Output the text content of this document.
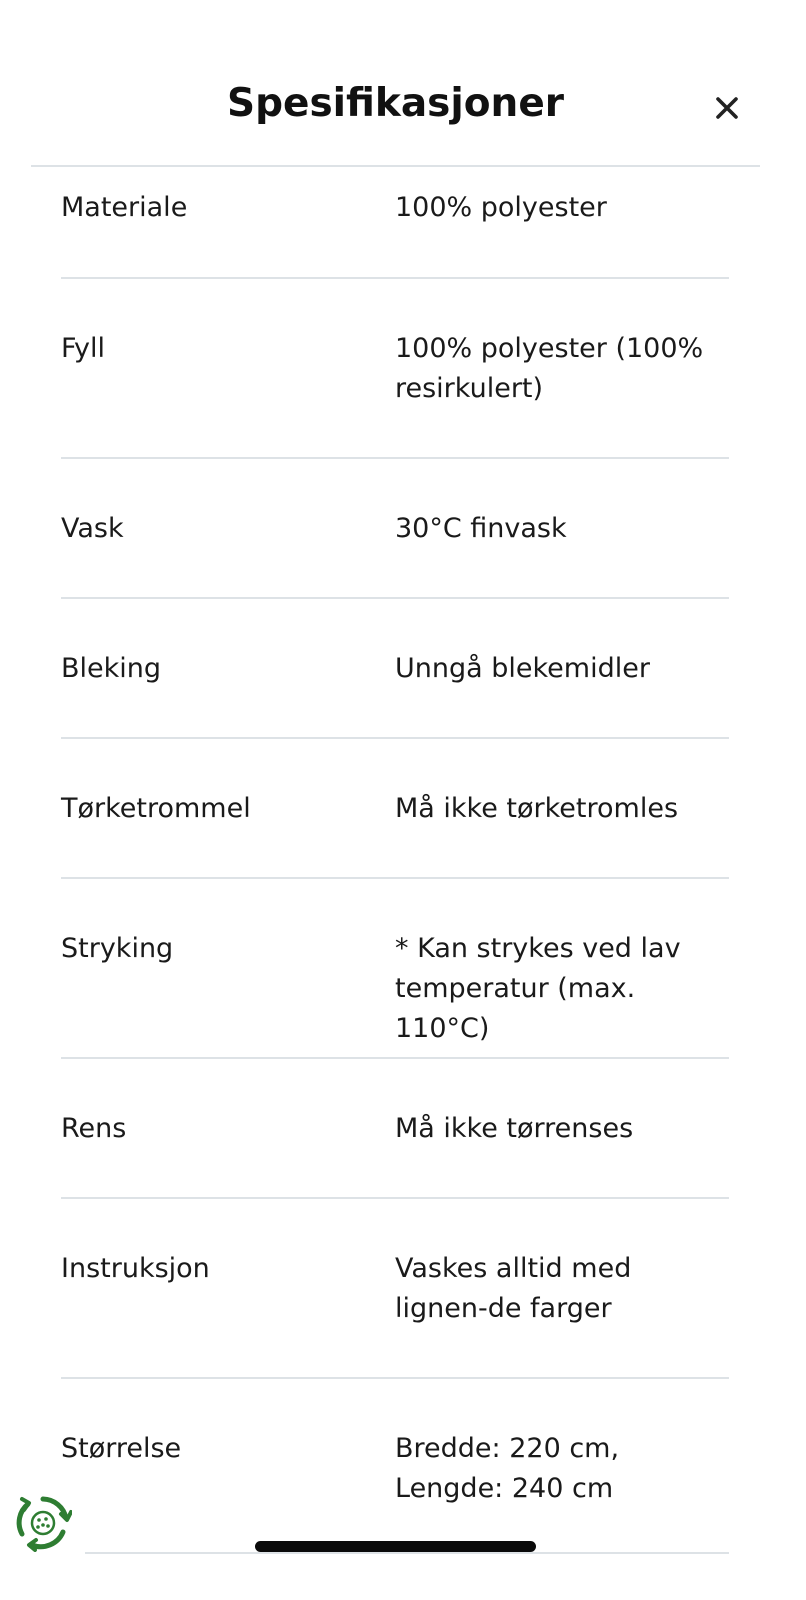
Spesifikasjoner
Materiale	100% polyester
Fyll	100% polyester (100% resirkulert)
Vask	30°C finvask
Bleking	Unngå blekemidler
Tørketrommel	Må ikke tørketromles
Stryking	* Kan strykes ved lav temperatur (max. 110°C)
Rens	Må ikke tørrenses
Instruksjon	Vaskes alltid med lignen-de farger
Størrelse	Bredde: 220 cm, Lengde: 240 cm
